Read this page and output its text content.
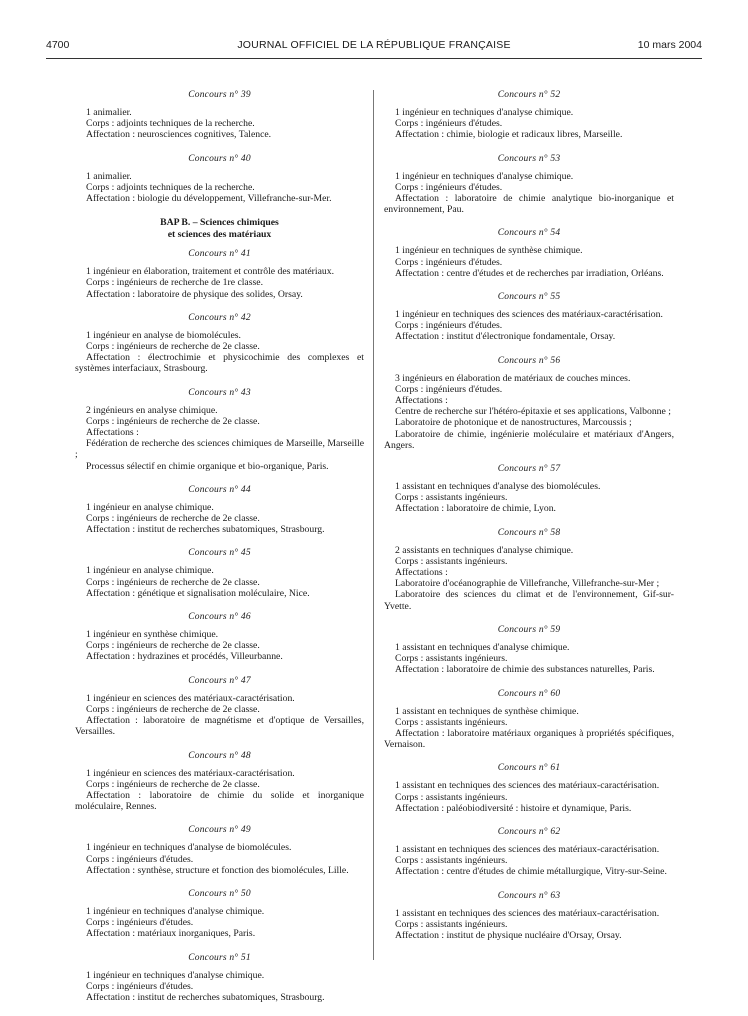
4700	JOURNAL OFFICIEL DE LA RÉPUBLIQUE FRANÇAISE	10 mars 2004
Concours n° 39
1 animalier.
Corps : adjoints techniques de la recherche.
Affectation : neurosciences cognitives, Talence.
Concours n° 40
1 animalier.
Corps : adjoints techniques de la recherche.
Affectation : biologie du développement, Villefranche-sur-Mer.
BAP B. – Sciences chimiques
et sciences des matériaux
Concours n° 41
1 ingénieur en élaboration, traitement et contrôle des matériaux.
Corps : ingénieurs de recherche de 1re classe.
Affectation : laboratoire de physique des solides, Orsay.
Concours n° 42
1 ingénieur en analyse de biomolécules.
Corps : ingénieurs de recherche de 2e classe.
Affectation : électrochimie et physicochimie des complexes et systèmes interfaciaux, Strasbourg.
Concours n° 43
2 ingénieurs en analyse chimique.
Corps : ingénieurs de recherche de 2e classe.
Affectations :
Fédération de recherche des sciences chimiques de Marseille, Marseille ;
Processus sélectif en chimie organique et bio-organique, Paris.
Concours n° 44
1 ingénieur en analyse chimique.
Corps : ingénieurs de recherche de 2e classe.
Affectation : institut de recherches subatomiques, Strasbourg.
Concours n° 45
1 ingénieur en analyse chimique.
Corps : ingénieurs de recherche de 2e classe.
Affectation : génétique et signalisation moléculaire, Nice.
Concours n° 46
1 ingénieur en synthèse chimique.
Corps : ingénieurs de recherche de 2e classe.
Affectation : hydrazines et procédés, Villeurbanne.
Concours n° 47
1 ingénieur en sciences des matériaux-caractérisation.
Corps : ingénieurs de recherche de 2e classe.
Affectation : laboratoire de magnétisme et d'optique de Versailles, Versailles.
Concours n° 48
1 ingénieur en sciences des matériaux-caractérisation.
Corps : ingénieurs de recherche de 2e classe.
Affectation : laboratoire de chimie du solide et inorganique moléculaire, Rennes.
Concours n° 49
1 ingénieur en techniques d'analyse de biomolécules.
Corps : ingénieurs d'études.
Affectation : synthèse, structure et fonction des biomolécules, Lille.
Concours n° 50
1 ingénieur en techniques d'analyse chimique.
Corps : ingénieurs d'études.
Affectation : matériaux inorganiques, Paris.
Concours n° 51
1 ingénieur en techniques d'analyse chimique.
Corps : ingénieurs d'études.
Affectation : institut de recherches subatomiques, Strasbourg.
Concours n° 52
1 ingénieur en techniques d'analyse chimique.
Corps : ingénieurs d'études.
Affectation : chimie, biologie et radicaux libres, Marseille.
Concours n° 53
1 ingénieur en techniques d'analyse chimique.
Corps : ingénieurs d'études.
Affectation : laboratoire de chimie analytique bio-inorganique et environnement, Pau.
Concours n° 54
1 ingénieur en techniques de synthèse chimique.
Corps : ingénieurs d'études.
Affectation : centre d'études et de recherches par irradiation, Orléans.
Concours n° 55
1 ingénieur en techniques des sciences des matériaux-caractérisation.
Corps : ingénieurs d'études.
Affectation : institut d'électronique fondamentale, Orsay.
Concours n° 56
3 ingénieurs en élaboration de matériaux de couches minces.
Corps : ingénieurs d'études.
Affectations :
Centre de recherche sur l'hétéro-épitaxie et ses applications, Valbonne ;
Laboratoire de photonique et de nanostructures, Marcoussis ;
Laboratoire de chimie, ingénierie moléculaire et matériaux d'Angers, Angers.
Concours n° 57
1 assistant en techniques d'analyse des biomolécules.
Corps : assistants ingénieurs.
Affectation : laboratoire de chimie, Lyon.
Concours n° 58
2 assistants en techniques d'analyse chimique.
Corps : assistants ingénieurs.
Affectations :
Laboratoire d'océanographie de Villefranche, Villefranche-sur-Mer ;
Laboratoire des sciences du climat et de l'environnement, Gif-sur-Yvette.
Concours n° 59
1 assistant en techniques d'analyse chimique.
Corps : assistants ingénieurs.
Affectation : laboratoire de chimie des substances naturelles, Paris.
Concours n° 60
1 assistant en techniques de synthèse chimique.
Corps : assistants ingénieurs.
Affectation : laboratoire matériaux organiques à propriétés spécifiques, Vernaison.
Concours n° 61
1 assistant en techniques des sciences des matériaux-caractérisation.
Corps : assistants ingénieurs.
Affectation : paléobiodiversité : histoire et dynamique, Paris.
Concours n° 62
1 assistant en techniques des sciences des matériaux-caractérisation.
Corps : assistants ingénieurs.
Affectation : centre d'études de chimie métallurgique, Vitry-sur-Seine.
Concours n° 63
1 assistant en techniques des sciences des matériaux-caractérisation.
Corps : assistants ingénieurs.
Affectation : institut de physique nucléaire d'Orsay, Orsay.
